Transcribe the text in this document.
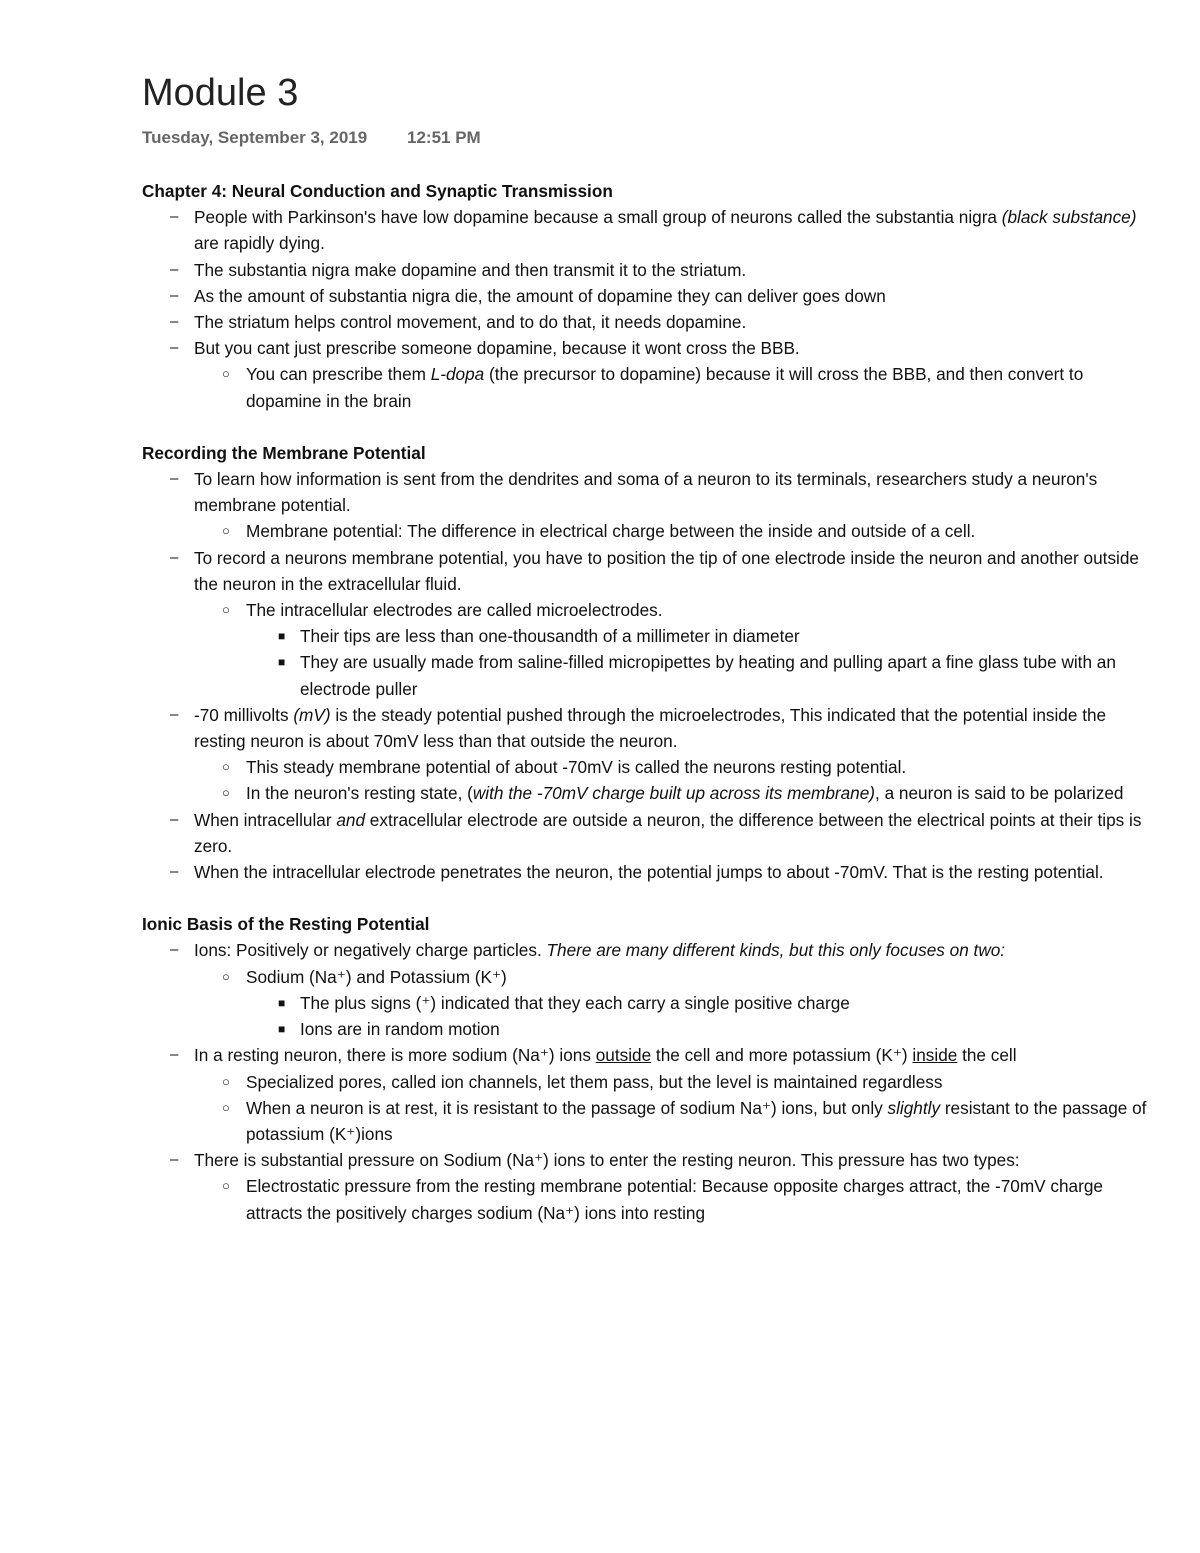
Module 3
Tuesday, September 3, 2019 12:51 PM

Chapter 4: Neural Conduction and Synaptic Transmission

– People with Parkinson's have low dopamine because a small group of neurons called the substantia nigra (black substance) are rapidly dying.

– The substantia nigra make dopamine and then transmit it to the striatum.

– As the amount of substantia nigra die, the amount of dopamine they can deliver goes down

– The striatum helps control movement, and to do that, it needs dopamine.

– But you cant just prescribe someone dopamine, because it wont cross the BBB.

○ You can prescribe them L-dopa (the precursor to dopamine) because it will cross the BBB, and then convert to dopamine in the brain

Recording the Membrane Potential

– To learn how information is sent from the dendrites and soma of a neuron to its terminals, researchers study a neuron's membrane potential.

○ Membrane potential: The difference in electrical charge between the inside and outside of a cell.

– To record a neurons membrane potential, you have to position the tip of one electrode inside the neuron and another outside the neuron in the extracellular fluid.

○ The intracellular electrodes are called microelectrodes.

■ Their tips are less than one-thousandth of a millimeter in diameter

■ They are usually made from saline-filled micropipettes by heating and pulling apart a fine glass tube with an electrode puller

– -70 millivolts (mV) is the steady potential pushed through the microelectrodes, This indicated that the potential inside the resting neuron is about 70mV less than that outside the neuron.

○ This steady membrane potential of about -70mV is called the neurons resting potential.

○ In the neuron's resting state, (with the -70mV charge built up across its membrane), a neuron is said to be polarized

– When intracellular and extracellular electrode are outside a neuron, the difference between the electrical points at their tips is zero.

– When the intracellular electrode penetrates the neuron, the potential jumps to about -70mV. That is the resting potential.

Ionic Basis of the Resting Potential

– Ions: Positively or negatively charge particles. There are many different kinds, but this only focuses on two:

○ Sodium (Na⁺) and Potassium (K⁺)

■ The plus signs (⁺) indicated that they each carry a single positive charge

■ Ions are in random motion

– In a resting neuron, there is more sodium (Na⁺) ions outside the cell and more potassium (K⁺) inside the cell

○ Specialized pores, called ion channels, let them pass, but the level is maintained regardless

○ When a neuron is at rest, it is resistant to the passage of sodium Na⁺) ions, but only slightly resistant to the passage of potassium (K⁺)ions

– There is substantial pressure on Sodium (Na⁺) ions to enter the resting neuron. This pressure has two types:

○ Electrostatic pressure from the resting membrane potential: Because opposite charges attract, the -70mV charge attracts the positively charges sodium (Na⁺) ions into resting
